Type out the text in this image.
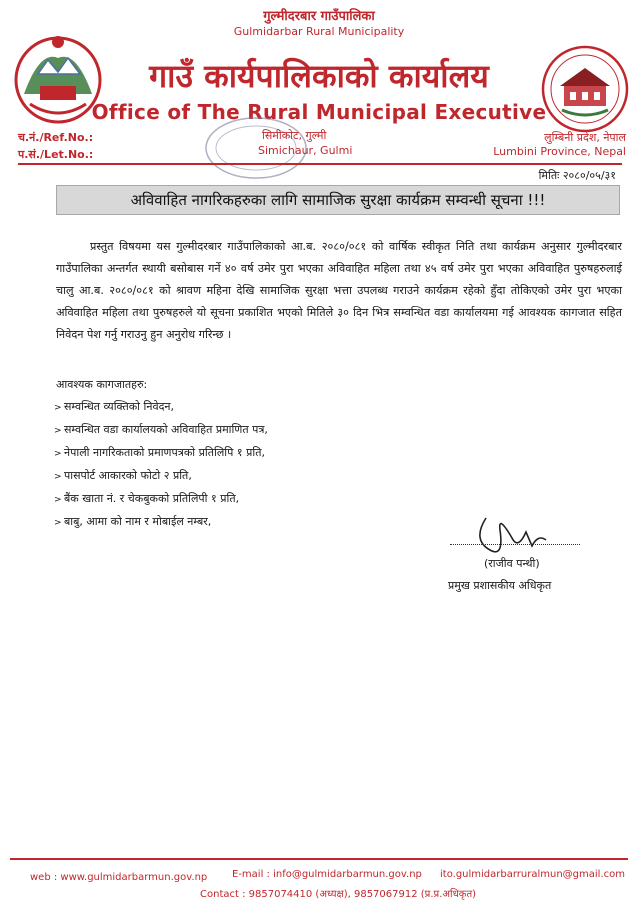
गुल्मीदरबार गाउँपालिका
Gulmidarbar Rural Municipality
गाउँ कार्यपालिकाको कार्यालय
Office of The Rural Municipal Executive
च.नं./Ref.No.:
प.सं./Let.No.:
सिमीकोट, गुल्मी
Simichaur, Gulmi
लुम्बिनी प्रदेश, नेपाल
Lumbini Province, Nepal
मितिः २०८०/०५/३१
अविवाहित नागरिकहरुका लागि सामाजिक सुरक्षा कार्यक्रम सम्वन्धी सूचना !!!

प्रस्तुत विषयमा यस गुल्मीदरबार गाउँपालिकाको आ.ब. २०८०/०८१ को वार्षिक स्वीकृत निति तथा कार्यक्रम अनुसार गुल्मीदरबार गाउँपालिका अन्तर्गत स्थायी बसोबास गर्ने ४० वर्ष उमेर पुरा भएका अविवाहित महिला तथा ४५ वर्ष उमेर पुरा भएका अविवाहित पुरुषहरुलाई चालु आ.ब. २०८०/०८१ को श्रावण महिना देखि सामाजिक सुरक्षा भत्ता उपलब्ध गराउने कार्यक्रम रहेको हुँदा तोकिएको उमेर पुरा भएका अविवाहित महिला तथा पुरुषहरुले यो सूचना प्रकाशित भएको मितिले ३० दिन भित्र सम्वन्धित वडा कार्यालयमा गई आवश्यक कागजात सहित निवेदन पेश गर्नु गराउनु हुन अनुरोध गरिन्छ ।

आवश्यक कागजातहरु:
> सम्वन्धित व्यक्तिको निवेदन,
> सम्वन्धित वडा कार्यालयको अविवाहित प्रमाणित पत्र,
> नेपाली नागरिकताको प्रमाणपत्रको प्रतिलिपि १ प्रति,
> पासपोर्ट आकारको फोटो २ प्रति,
> बैंक खाता नं. र चेकबुकको प्रतिलिपी १ प्रति,
> बाबु, आमा को नाम र मोबाईल नम्बर,
(राजीव पन्थी)
प्रमुख प्रशासकीय अधिकृत
web : www.gulmidarbarmun.gov.np E-mail : info@gulmidarbarmun.gov.np ito.gulmidarbarruralmun@gmail.com
Contact : 9857074410 (अध्यक्ष), 9857067912 (प्र.प्र.अधिकृत)
